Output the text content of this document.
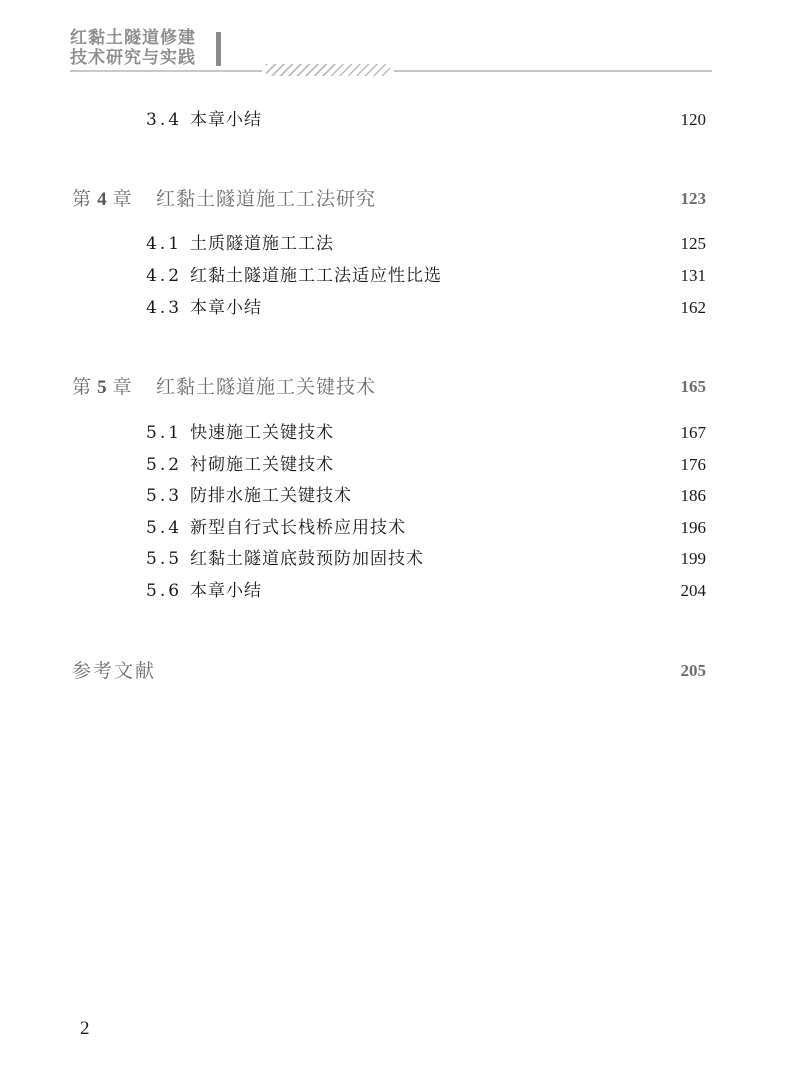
红黏土隧道修建
技术研究与实践
3.4 本章小结	120
第 4 章 红黏土隧道施工工法研究	123
4.1 土质隧道施工工法	125
4.2 红黏土隧道施工工法适应性比选	131
4.3 本章小结	162
第 5 章 红黏土隧道施工关键技术	165
5.1 快速施工关键技术	167
5.2 衬砌施工关键技术	176
5.3 防排水施工关键技术	186
5.4 新型自行式长栈桥应用技术	196
5.5 红黏土隧道底鼓预防加固技术	199
5.6 本章小结	204
参考文献	205
2
